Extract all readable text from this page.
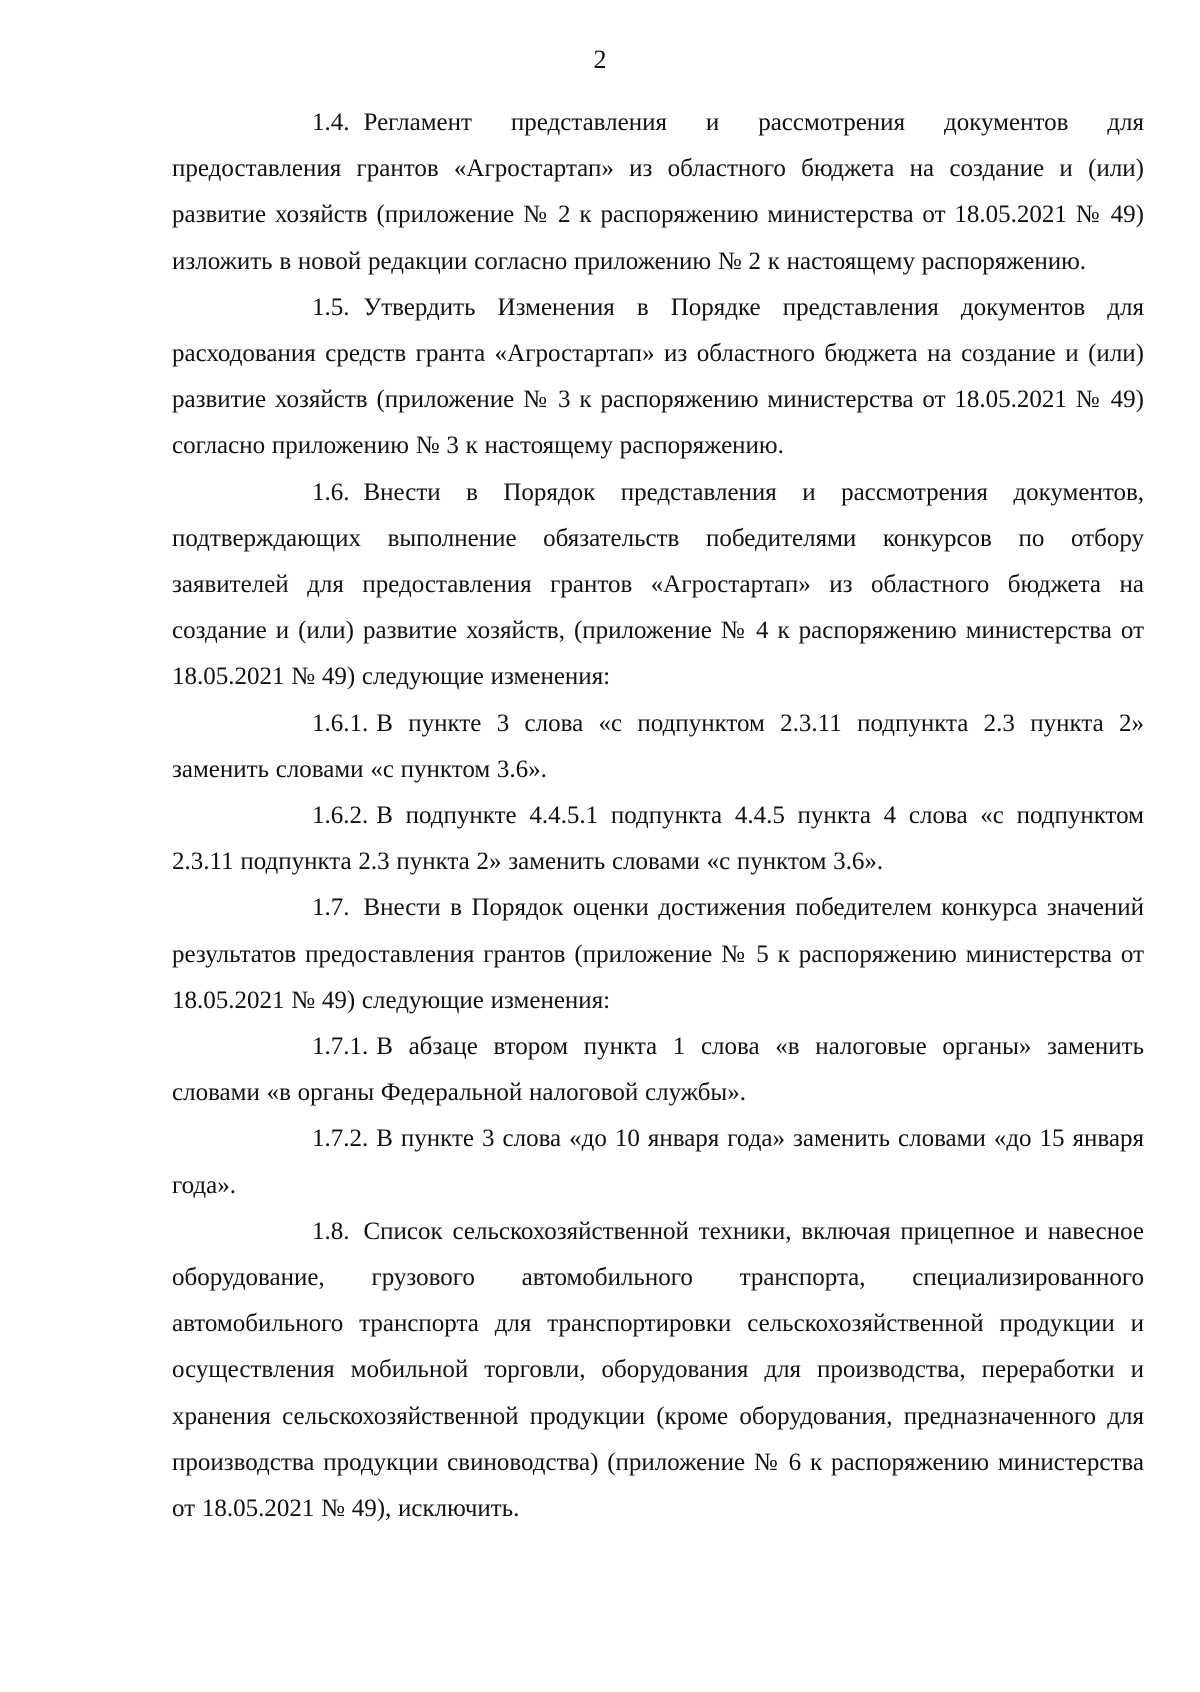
2

1.4. Регламент представления и рассмотрения документов для предоставления грантов «Агростартап» из областного бюджета на создание и (или) развитие хозяйств (приложение № 2 к распоряжению министерства от 18.05.2021 № 49) изложить в новой редакции согласно приложению № 2 к настоящему распоряжению.

1.5. Утвердить Изменения в Порядке представления документов для расходования средств гранта «Агростартап» из областного бюджета на создание и (или) развитие хозяйств (приложение № 3 к распоряжению министерства от 18.05.2021 № 49) согласно приложению № 3 к настоящему распоряжению.

1.6. Внести в Порядок представления и рассмотрения документов, подтверждающих выполнение обязательств победителями конкурсов по отбору заявителей для предоставления грантов «Агростартап» из областного бюджета на создание и (или) развитие хозяйств, (приложение № 4 к распоряжению министерства от 18.05.2021 № 49) следующие изменения:

1.6.1. В пункте 3 слова «с подпунктом 2.3.11 подпункта 2.3 пункта 2» заменить словами «с пунктом 3.6».

1.6.2. В подпункте 4.4.5.1 подпункта 4.4.5 пункта 4 слова «с подпунктом 2.3.11 подпункта 2.3 пункта 2» заменить словами «с пунктом 3.6».

1.7. Внести в Порядок оценки достижения победителем конкурса значений результатов предоставления грантов (приложение № 5 к распоряжению министерства от 18.05.2021 № 49) следующие изменения:

1.7.1. В абзаце втором пункта 1 слова «в налоговые органы» заменить словами «в органы Федеральной налоговой службы».

1.7.2. В пункте 3 слова «до 10 января года» заменить словами «до 15 января года».

1.8. Список сельскохозяйственной техники, включая прицепное и навесное оборудование, грузового автомобильного транспорта, специализированного автомобильного транспорта для транспортировки сельскохозяйственной продукции и осуществления мобильной торговли, оборудования для производства, переработки и хранения сельскохозяйственной продукции (кроме оборудования, предназначенного для производства продукции свиноводства) (приложение № 6 к распоряжению министерства от 18.05.2021 № 49), исключить.
